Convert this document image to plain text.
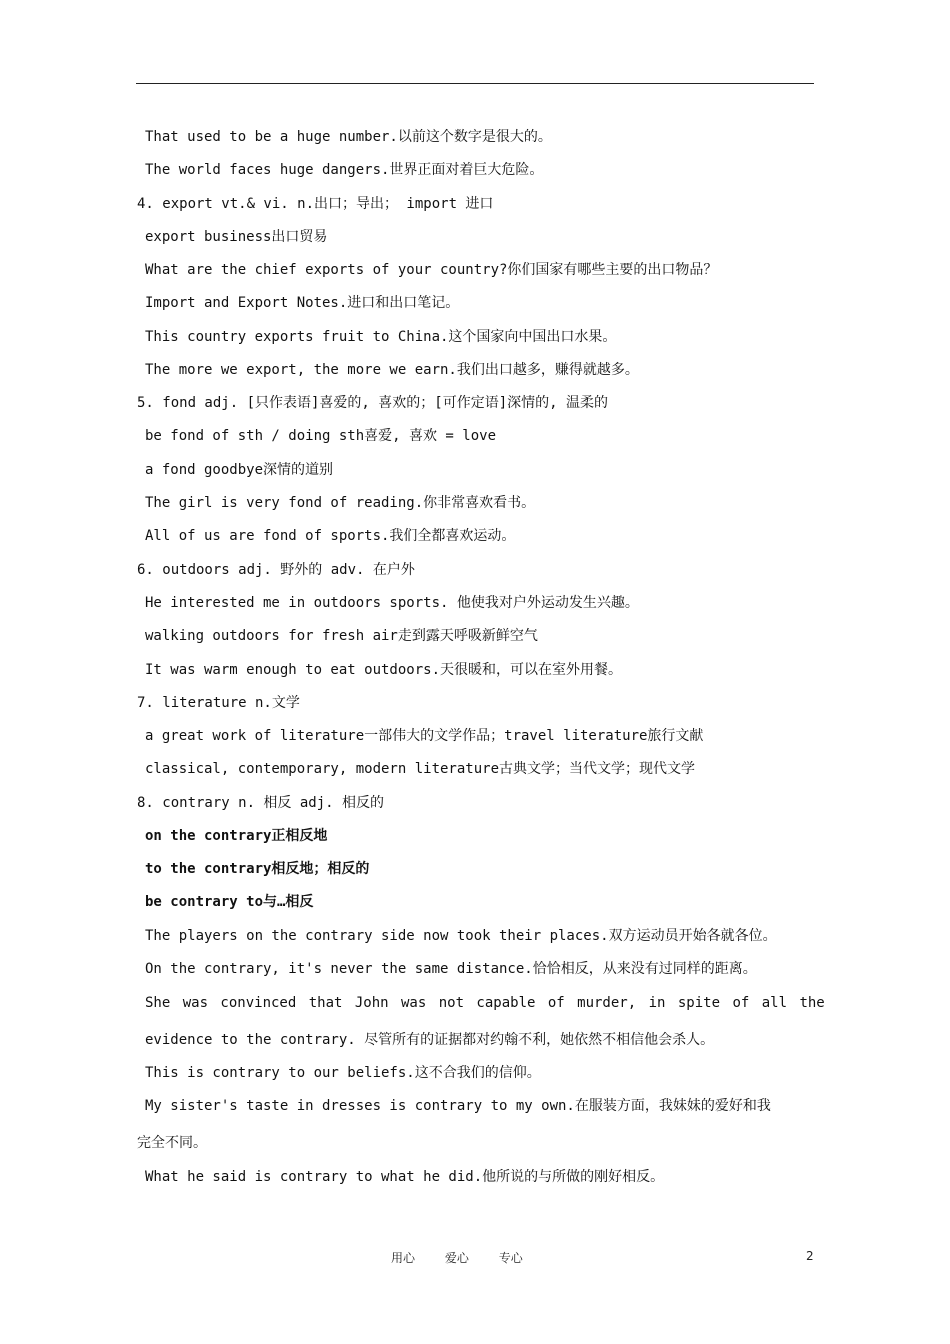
That used to be a huge number.以前这个数字是很大的。
The world faces huge dangers.世界正面对着巨大危险。
4. export vt.& vi. n.出口；导出； import 进口
export business出口贸易
What are the chief exports of your country?你们国家有哪些主要的出口物品？
Import and Export Notes.进口和出口笔记。
This country exports fruit to China.这个国家向中国出口水果。
The more we export, the more we earn.我们出口越多，赚得就越多。
5. fond adj. [只作表语]喜爱的, 喜欢的；[可作定语]深情的, 温柔的
be fond of sth / doing sth喜爱, 喜欢 = love
a fond goodbye深情的道别
The girl is very fond of reading.你非常喜欢看书。
All of us are fond of sports.我们全都喜欢运动。
6. outdoors adj. 野外的 adv. 在户外
He interested me in outdoors sports. 他使我对户外运动发生兴趣。
walking outdoors for fresh air走到露天呼吸新鲜空气
It was warm enough to eat outdoors.天很暖和，可以在室外用餐。
7. literature n.文学
a great work of literature一部伟大的文学作品；travel literature旅行文献
classical, contemporary, modern literature古典文学；当代文学；现代文学
8. contrary n. 相反 adj. 相反的
on the contrary正相反地
to the contrary相反地；相反的
be contrary to与…相反
The players on the contrary side now took their places.双方运动员开始各就各位。
On the contrary, it's never the same distance.恰恰相反，从来没有过同样的距离。
She was convinced that John was not capable of murder, in spite of all the
evidence to the contrary. 尽管所有的证据都对约翰不利，她依然不相信他会杀人。
This is contrary to our beliefs.这不合我们的信仰。
My sister's taste in dresses is contrary to my own.在服装方面，我妹妹的爱好和我
完全不同。
What he said is contrary to what he did.他所说的与所做的刚好相反。
用心 爱心 专心	2
